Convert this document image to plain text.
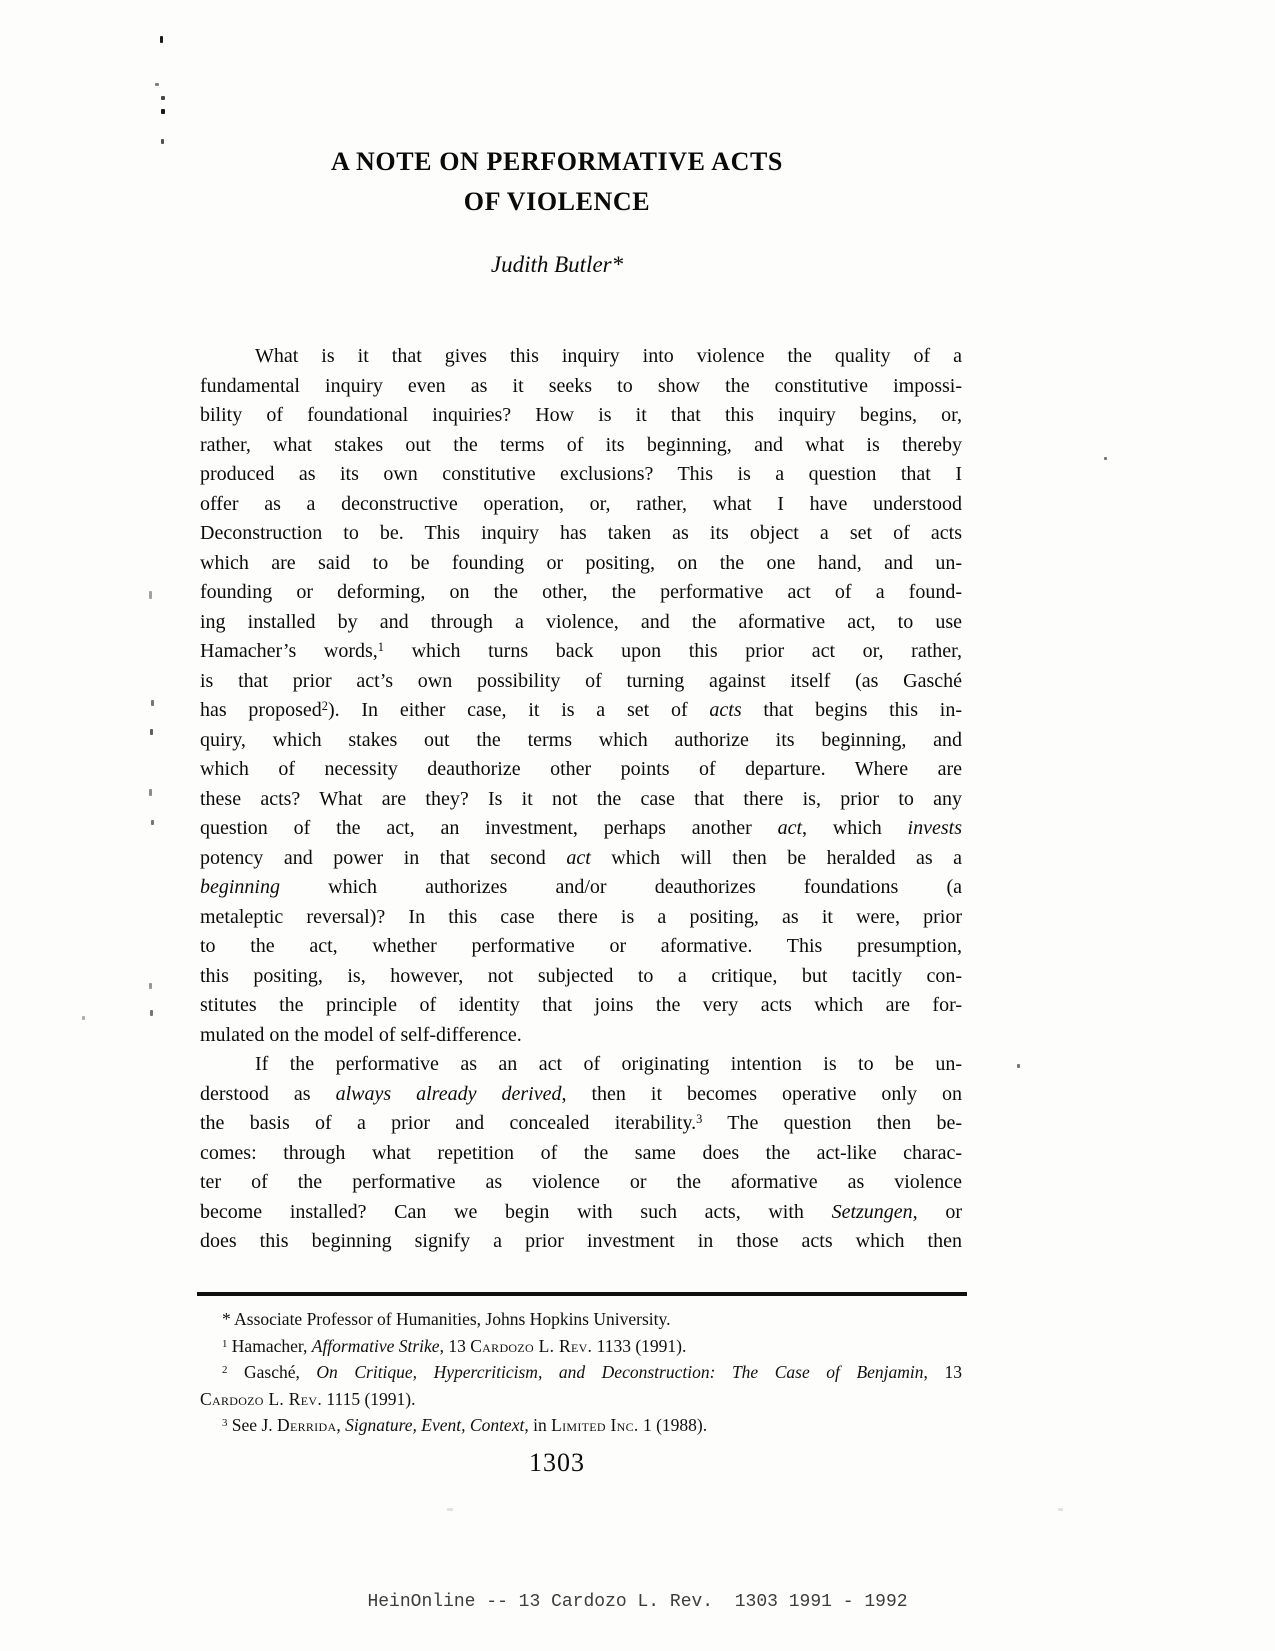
A NOTE ON PERFORMATIVE ACTS
OF VIOLENCE
Judith Butler*
What is it that gives this inquiry into violence the quality of a
fundamental inquiry even as it seeks to show the constitutive impossi-
bility of foundational inquiries? How is it that this inquiry begins, or,
rather, what stakes out the terms of its beginning, and what is thereby
produced as its own constitutive exclusions? This is a question that I
offer as a deconstructive operation, or, rather, what I have understood
Deconstruction to be. This inquiry has taken as its object a set of acts
which are said to be founding or positing, on the one hand, and un-
founding or deforming, on the other, the performative act of a found-
ing installed by and through a violence, and the aformative act, to use
Hamacher’s words,$^1$ which turns back upon this prior act or, rather,
is that prior act’s own possibility of turning against itself (as Gasché
has proposed$^2$). In either case, it is a set of acts that begins this in-
quiry, which stakes out the terms which authorize its beginning, and
which of necessity deauthorize other points of departure. Where are
these acts? What are they? Is it not the case that there is, prior to any
question of the act, an investment, perhaps another act, which invests
potency and power in that second act which will then be heralded as a
beginning which authorizes and/or deauthorizes foundations (a
metaleptic reversal)? In this case there is a positing, as it were, prior
to the act, whether performative or aformative. This presumption,
this positing, is, however, not subjected to a critique, but tacitly con-
stitutes the principle of identity that joins the very acts which are for-
mulated on the model of self-difference.
If the performative as an act of originating intention is to be un-
derstood as always already derived, then it becomes operative only on
the basis of a prior and concealed iterability.$^3$ The question then be-
comes: through what repetition of the same does the act-like charac-
ter of the performative as violence or the aformative as violence
become installed? Can we begin with such acts, with Setzungen, or
does this beginning signify a prior investment in those acts which then
* Associate Professor of Humanities, Johns Hopkins University.
$^1$ Hamacher, Afformative Strike, 13 Cardozo L. Rev. 1133 (1991).
$^2$ Gasché, On Critique, Hypercriticism, and Deconstruction: The Case of Benjamin, 13
Cardozo L. Rev. 1115 (1991).
$^3$ See J. Derrida, Signature, Event, Context, in Limited Inc. 1 (1988).
1303
HeinOnline -- 13 Cardozo L. Rev.  1303 1991 - 1992
